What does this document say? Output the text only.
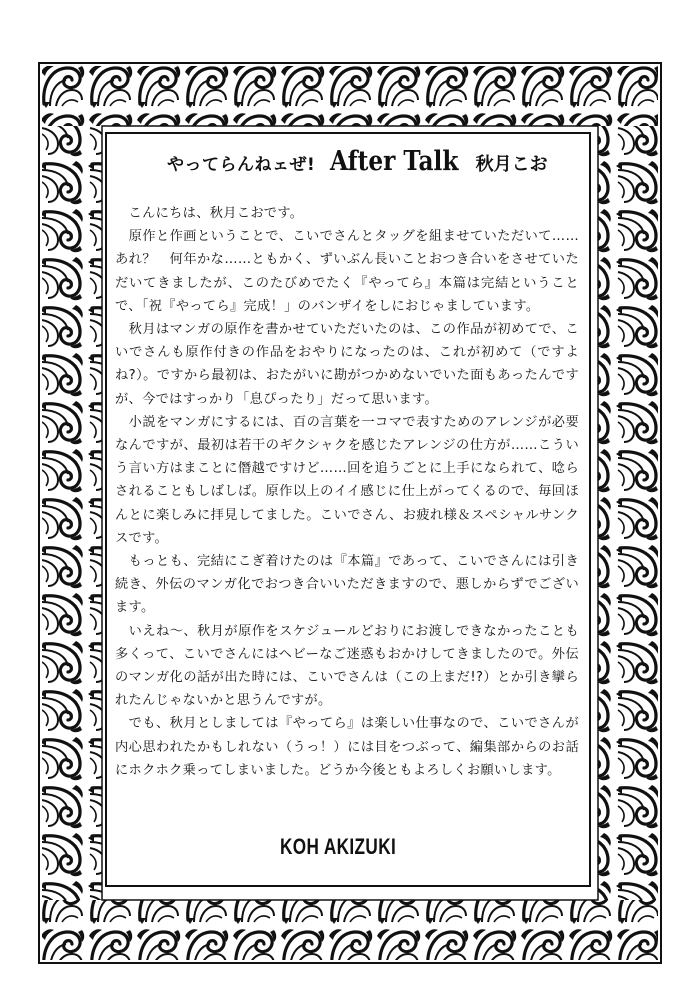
やってらんねェぜ! After Talk 秋月こお

　こんにちは、秋月こおです。

　原作と作画ということで、こいでさんとタッグを組ませていただいて……あれ？　何年かな……ともかく、ずいぶん長いことおつき合いをさせていただいてきましたが、このたびめでたく『やってら』本篇は完結ということで、「祝『やってら』完成！」のバンザイをしにおじゃましています。

　秋月はマンガの原作を書かせていただいたのは、この作品が初めてで、こいでさんも原作付きの作品をおやりになったのは、これが初めて（ですよね?）。ですから最初は、おたがいに勘がつかめないでいた面もあったんですが、今ではすっかり「息ぴったり」だって思います。

　小説をマンガにするには、百の言葉を一コマで表すためのアレンジが必要なんですが、最初は若干のギクシャクを感じたアレンジの仕方が……こういう言い方はまことに僭越ですけど……回を追うごとに上手になられて、唸らされることもしばしば。原作以上のイイ感じに仕上がってくるので、毎回ほんとに楽しみに拝見してました。こいでさん、お疲れ様＆スペシャルサンクスです。

　もっとも、完結にこぎ着けたのは『本篇』であって、こいでさんには引き続き、外伝のマンガ化でおつき合いいただきますので、悪しからずでございます。

　いえね～、秋月が原作をスケジュールどおりにお渡しできなかったことも多くって、こいでさんにはヘビーなご迷惑もおかけしてきましたので。外伝のマンガ化の話が出た時には、こいでさんは（この上まだ!?）とか引き攣られたんじゃないかと思うんですが。

　でも、秋月としましては『やってら』は楽しい仕事なので、こいでさんが内心思われたかもしれない（うっ！）には目をつぶって、編集部からのお話にホクホク乗ってしまいました。どうか今後ともよろしくお願いします。

KOH AKIZUKI
